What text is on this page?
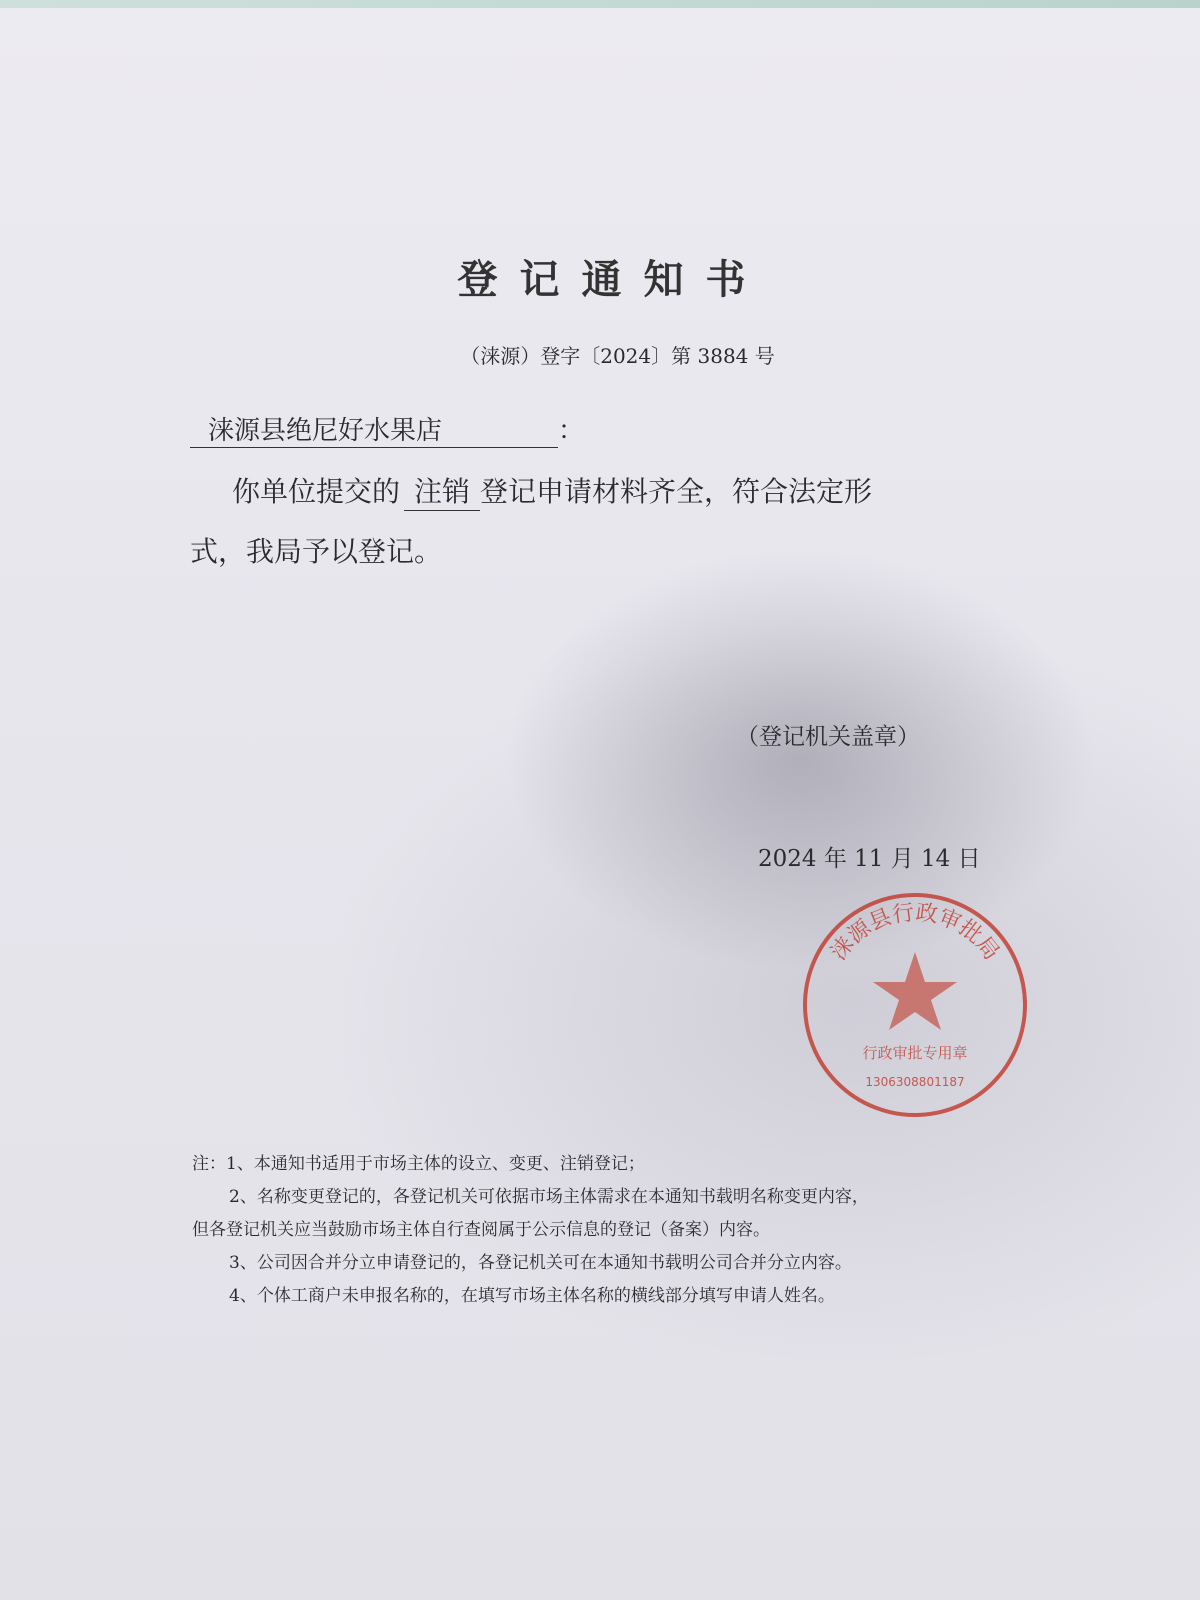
登记通知书
（涞源）登字〔2024〕第 3884 号
涞源县绝尼好水果店	：
你单位提交的 注销 登记申请材料齐全，符合法定形
式，我局予以登记。
（登记机关盖章）
2024 年 11 月 14 日
涞源县行政审批局
行政审批专用章
1306308801187
注：1、本通知书适用于市场主体的设立、变更、注销登记；
2、名称变更登记的，各登记机关可依据市场主体需求在本通知书载明名称变更内容，
但各登记机关应当鼓励市场主体自行查阅属于公示信息的登记（备案）内容。
3、公司因合并分立申请登记的，各登记机关可在本通知书载明公司合并分立内容。
4、个体工商户未申报名称的，在填写市场主体名称的横线部分填写申请人姓名。
